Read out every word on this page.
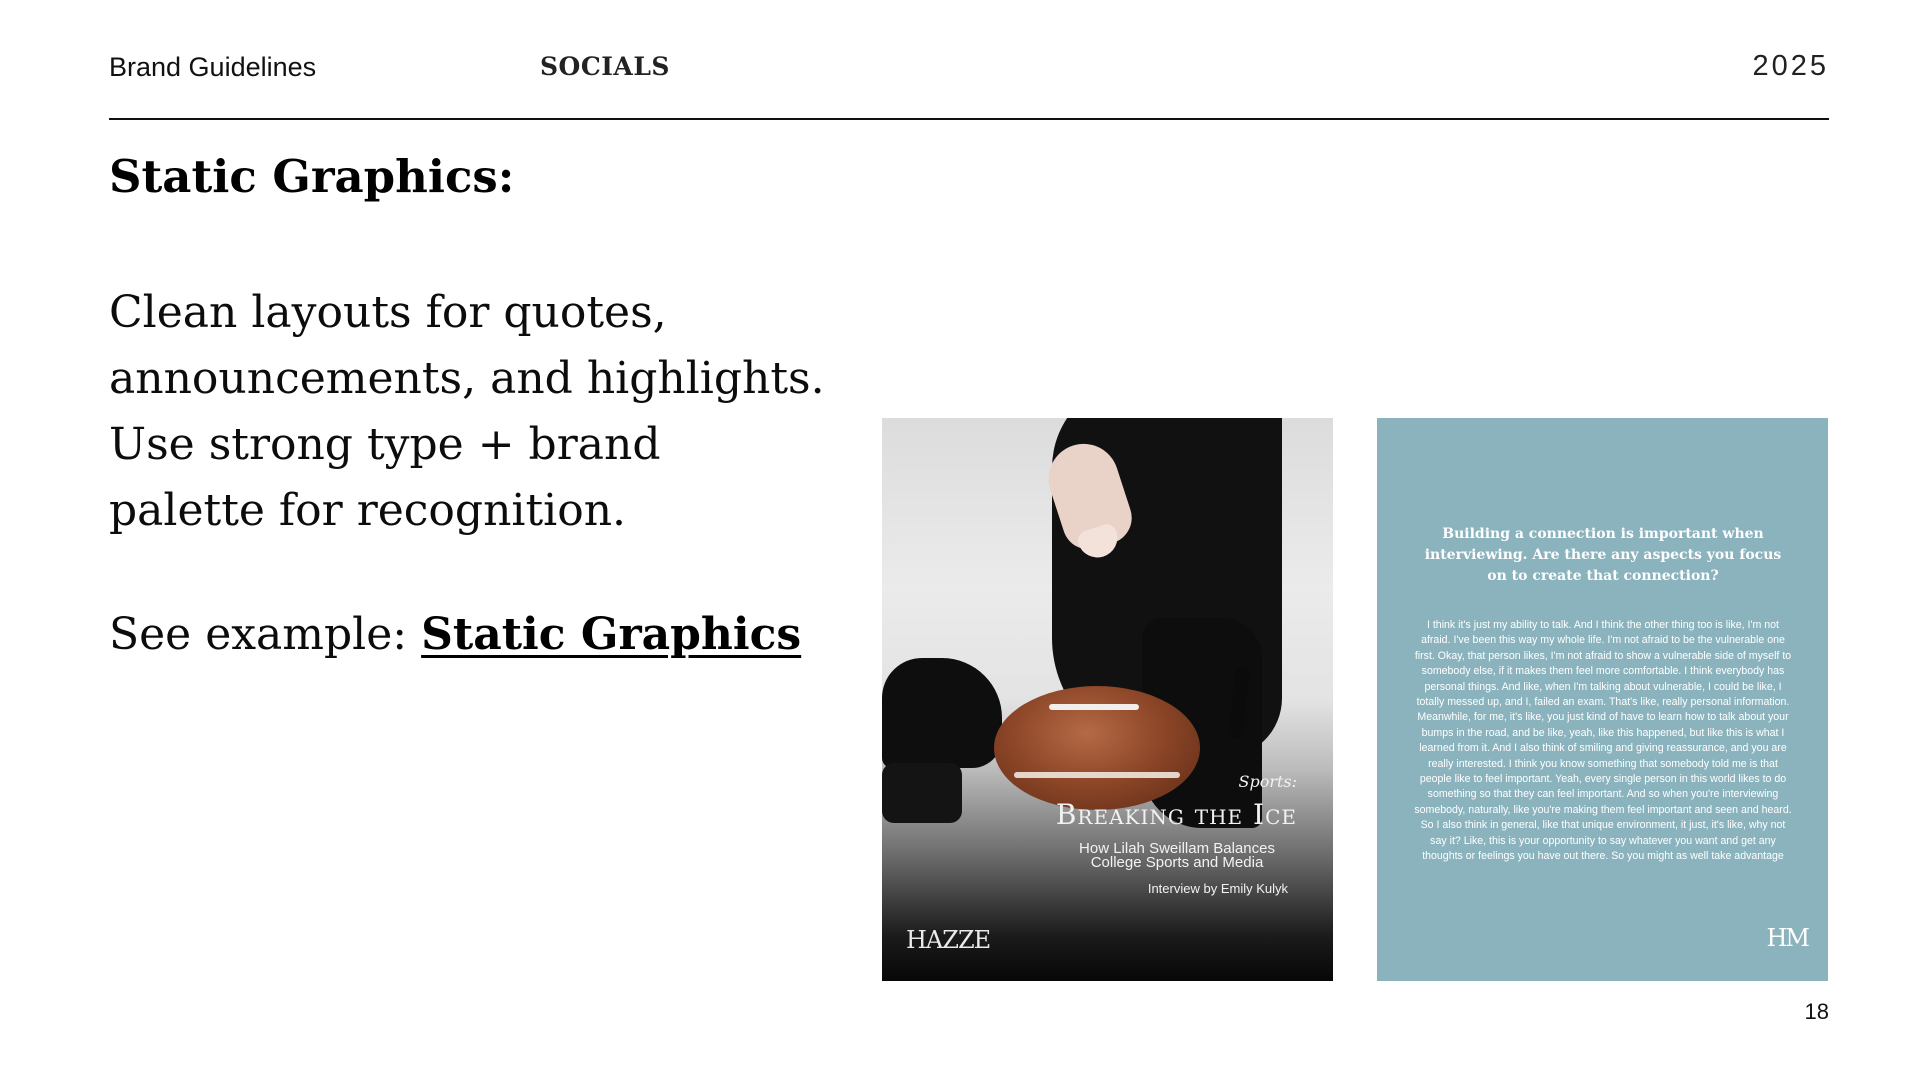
Brand Guidelines	SOCIALS	2025
Static Graphics:

Clean layouts for quotes, announcements, and highlights. Use strong type + brand palette for recognition.

See example: Static Graphics

Sports:
Breaking the Ice
How Lilah Sweillam Balances College Sports and Media
Interview by Emily Kulyk
HAZZE
Building a connection is important when interviewing. Are there any aspects you focus on to create that connection?
I think it's just my ability to talk. And I think the other thing too is like, I'm not afraid. I've been this way my whole life. I'm not afraid to be the vulnerable one first. Okay, that person likes, I'm not afraid to show a vulnerable side of myself to somebody else, if it makes them feel more comfortable. I think everybody has personal things. And like, when I'm talking about vulnerable, I could be like, I totally messed up, and I, failed an exam. That's like, really personal information. Meanwhile, for me, it's like, you just kind of have to learn how to talk about your bumps in the road, and be like, yeah, like this happened, but like this is what I learned from it. And I also think of smiling and giving reassurance, and you are really interested. I think you know something that somebody told me is that people like to feel important. Yeah, every single person in this world likes to do something so that they can feel important. And so when you're interviewing somebody, naturally, like you're making them feel important and seen and heard. So I also think in general, like that unique environment, it just, it's like, why not say it? Like, this is your opportunity to say whatever you want and get any thoughts or feelings you have out there. So you might as well take advantage
HM
18
